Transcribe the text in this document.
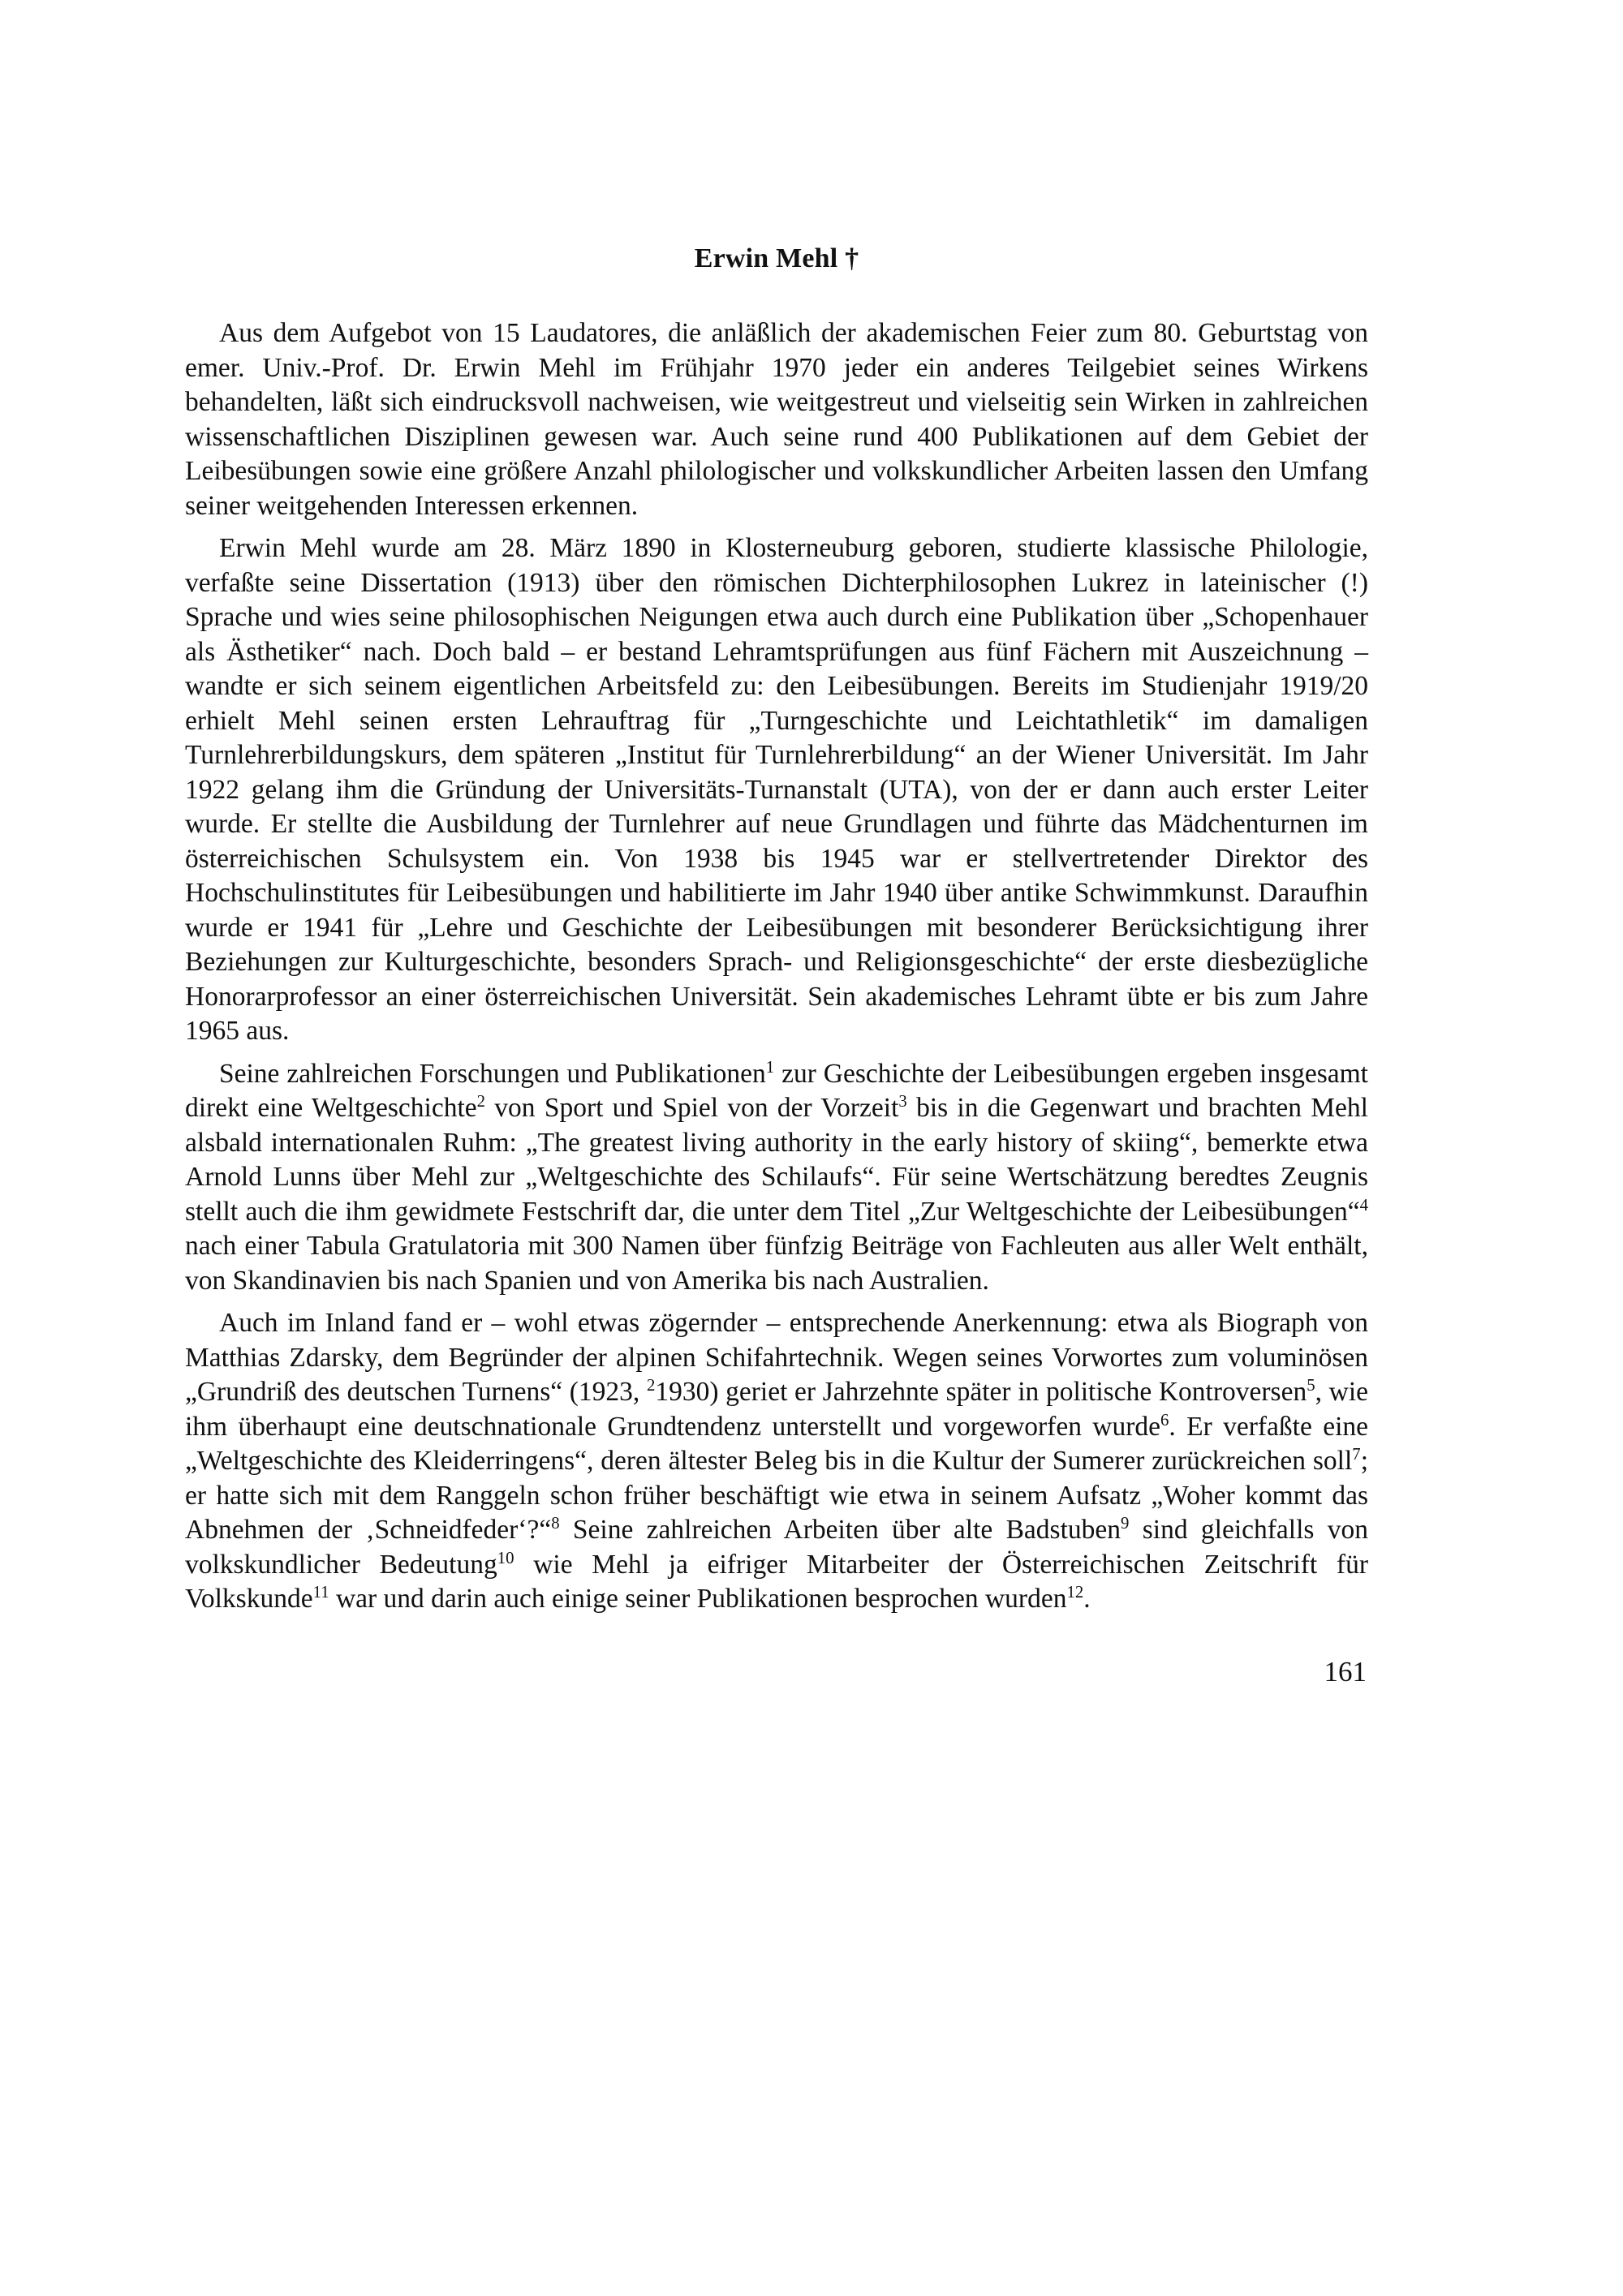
Erwin Mehl †

Aus dem Aufgebot von 15 Laudatores, die anläßlich der akademischen Feier zum 80. Geburtstag von emer. Univ.-Prof. Dr. Erwin Mehl im Frühjahr 1970 jeder ein anderes Teilgebiet seines Wirkens behandelten, läßt sich eindrucksvoll nachweisen, wie weitgestreut und vielseitig sein Wirken in zahlreichen wissenschaftlichen Disziplinen gewesen war. Auch seine rund 400 Publikationen auf dem Gebiet der Leibesübungen sowie eine größere Anzahl philologischer und volkskundlicher Arbeiten lassen den Umfang seiner weitgehenden Interessen erkennen.

Erwin Mehl wurde am 28. März 1890 in Klosterneuburg geboren, studierte klassische Philologie, verfaßte seine Dissertation (1913) über den römischen Dichterphilosophen Lukrez in lateinischer (!) Sprache und wies seine philosophischen Neigungen etwa auch durch eine Publikation über „Schopenhauer als Ästhetiker“ nach. Doch bald – er bestand Lehramtsprüfungen aus fünf Fächern mit Auszeichnung – wandte er sich seinem eigentlichen Arbeitsfeld zu: den Leibesübungen. Bereits im Studienjahr 1919/20 erhielt Mehl seinen ersten Lehrauftrag für „Turngeschichte und Leichtathletik“ im damaligen Turnlehrerbildungskurs, dem späteren „Institut für Turnlehrerbildung“ an der Wiener Universität. Im Jahr 1922 gelang ihm die Gründung der Universitäts-Turnanstalt (UTA), von der er dann auch erster Leiter wurde. Er stellte die Ausbildung der Turnlehrer auf neue Grundlagen und führte das Mädchenturnen im österreichischen Schulsystem ein. Von 1938 bis 1945 war er stellvertretender Direktor des Hochschulinstitutes für Leibesübungen und habilitierte im Jahr 1940 über antike Schwimmkunst. Daraufhin wurde er 1941 für „Lehre und Geschichte der Leibesübungen mit besonderer Berücksichtigung ihrer Beziehungen zur Kulturgeschichte, besonders Sprach- und Religionsgeschichte“ der erste diesbezügliche Honorarprofessor an einer österreichischen Universität. Sein akademisches Lehramt übte er bis zum Jahre 1965 aus.

Seine zahlreichen Forschungen und Publikationen$^1$ zur Geschichte der Leibesübungen ergeben insgesamt direkt eine Weltgeschichte$^2$ von Sport und Spiel von der Vorzeit$^3$ bis in die Gegenwart und brachten Mehl alsbald internationalen Ruhm: „The greatest living authority in the early history of skiing“, bemerkte etwa Arnold Lunns über Mehl zur „Weltgeschichte des Schilaufs“. Für seine Wertschätzung beredtes Zeugnis stellt auch die ihm gewidmete Festschrift dar, die unter dem Titel „Zur Weltgeschichte der Leibesübungen“$^4$ nach einer Tabula Gratulatoria mit 300 Namen über fünfzig Beiträge von Fachleuten aus aller Welt enthält, von Skandinavien bis nach Spanien und von Amerika bis nach Australien.

Auch im Inland fand er – wohl etwas zögernder – entsprechende Anerkennung: etwa als Biograph von Matthias Zdarsky, dem Begründer der alpinen Schifahrtechnik. Wegen seines Vorwortes zum voluminösen „Grundriß des deutschen Turnens“ (1923, $^2$1930) geriet er Jahrzehnte später in politische Kontroversen$^5$, wie ihm überhaupt eine deutschnationale Grundtendenz unterstellt und vorgeworfen wurde$^6$. Er verfaßte eine „Weltgeschichte des Kleiderringens“, deren ältester Beleg bis in die Kultur der Sumerer zurückreichen soll$^7$; er hatte sich mit dem Ranggeln schon früher beschäftigt wie etwa in seinem Aufsatz „Woher kommt das Abnehmen der ‚Schneidfeder‘?“$^8$ Seine zahlreichen Arbeiten über alte Badstuben$^9$ sind gleichfalls von volkskundlicher Bedeutung$^{10}$ wie Mehl ja eifriger Mitarbeiter der Österreichischen Zeitschrift für Volkskunde$^{11}$ war und darin auch einige seiner Publikationen besprochen wurden$^{12}$.

161
